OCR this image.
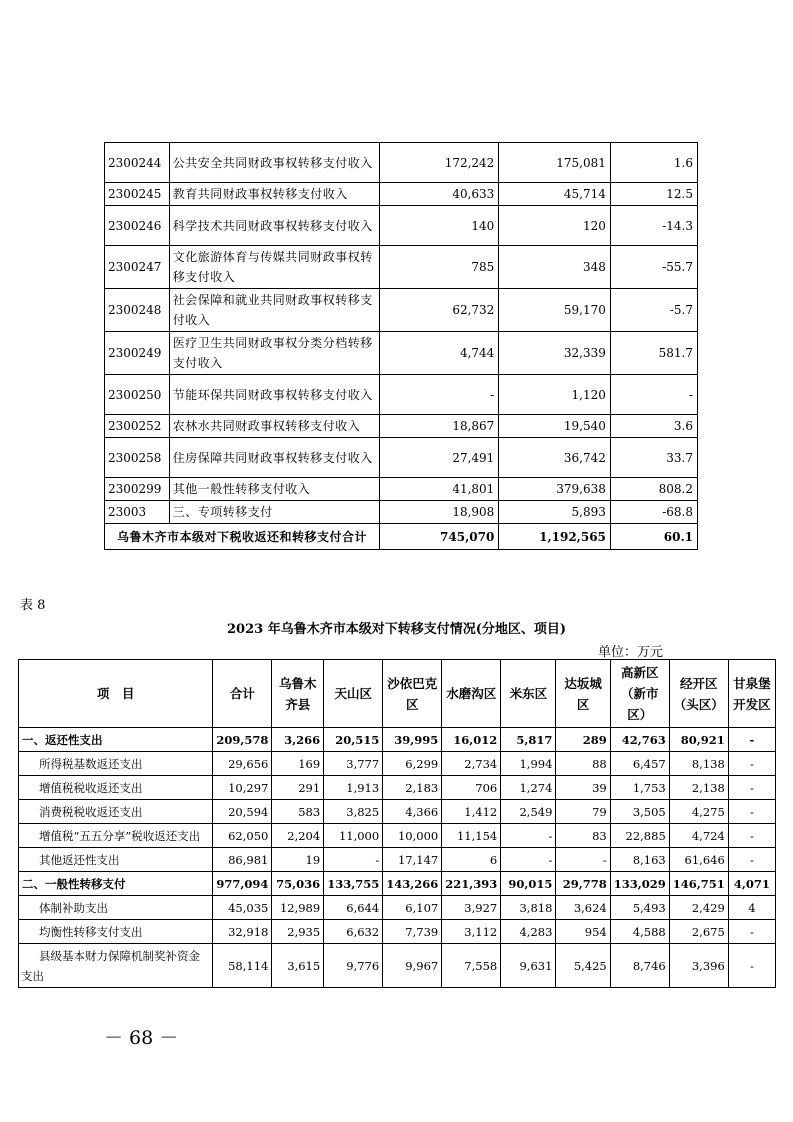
2300244	公共安全共同财政事权转移支付收入	172,242	175,081	1.6
2300245	教育共同财政事权转移支付收入	40,633	45,714	12.5
2300246	科学技术共同财政事权转移支付收入	140	120	-14.3
2300247	文化旅游体育与传媒共同财政事权转移支付收入	785	348	-55.7
2300248	社会保障和就业共同财政事权转移支付收入	62,732	59,170	-5.7
2300249	医疗卫生共同财政事权分类分档转移支付收入	4,744	32,339	581.7
2300250	节能环保共同财政事权转移支付收入	-	1,120	-
2300252	农林水共同财政事权转移支付收入	18,867	19,540	3.6
2300258	住房保障共同财政事权转移支付收入	27,491	36,742	33.7
2300299	其他一般性转移支付收入	41,801	379,638	808.2
23003	三、专项转移支付	18,908	5,893	-68.8
乌鲁木齐市本级对下税收返还和转移支付合计		745,070	1,192,565	60.1
表 8
2023 年乌鲁木齐市本级对下转移支付情况(分地区、项目)
单位：万元
项　目	合计	乌鲁木齐县	天山区	沙依巴克区	水磨沟区	米东区	达坂城区	高新区（新市区）	经开区（头区）	甘泉堡开发区
一、返还性支出	209,578	3,266	20,515	39,995	16,012	5,817	289	42,763	80,921	-
所得税基数返还支出	29,656	169	3,777	6,299	2,734	1,994	88	6,457	8,138	-
增值税税收返还支出	10,297	291	1,913	2,183	706	1,274	39	1,753	2,138	-
消费税税收返还支出	20,594	583	3,825	4,366	1,412	2,549	79	3,505	4,275	-
增值税“五五分享”税收返还支出	62,050	2,204	11,000	10,000	11,154	-	83	22,885	4,724	-
其他返还性支出	86,981	19	-	17,147	6	-	-	8,163	61,646	-
二、一般性转移支付	977,094	75,036	133,755	143,266	221,393	90,015	29,778	133,029	146,751	4,071
体制补助支出	45,035	12,989	6,644	6,107	3,927	3,818	3,624	5,493	2,429	4
均衡性转移支付支出	32,918	2,935	6,632	7,739	3,112	4,283	954	4,588	2,675	-
县级基本财力保障机制奖补资金支出	58,114	3,615	9,776	9,967	7,558	9,631	5,425	8,746	3,396	-
－ 68 －
